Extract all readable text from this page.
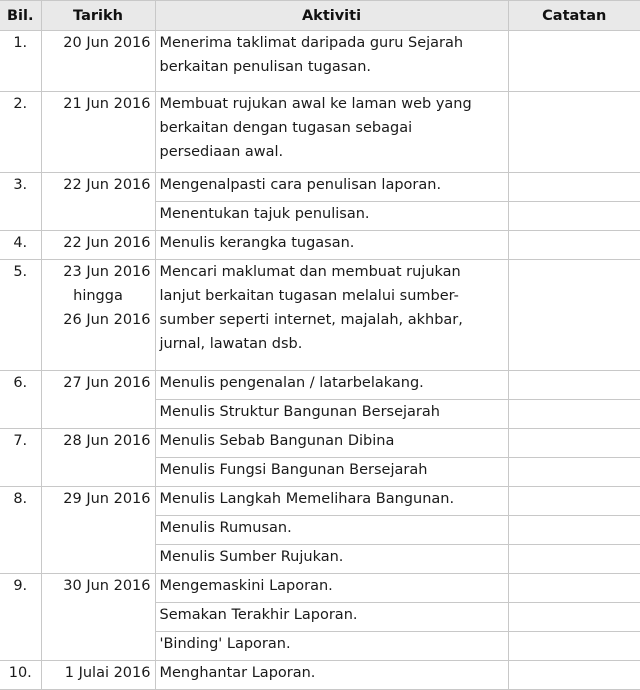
Bil.	Tarikh	Aktiviti	Catatan
1.	20 Jun 2016	Menerima taklimat daripada guru Sejarah
berkaitan penulisan tugasan.	

2.	21 Jun 2016	Membuat rujukan awal ke laman web yang
berkaitan dengan tugasan sebagai
persediaan awal.	

3.	22 Jun 2016	Mengenalpasti cara penulisan laporan.	

		Menentukan tajuk penulisan.	

4.	22 Jun 2016	Menulis kerangka tugasan.	

5.	23 Jun 2016
hingga
26 Jun 2016	Mencari maklumat dan membuat rujukan
lanjut berkaitan tugasan melalui sumber-
sumber seperti internet, majalah, akhbar,
jurnal, lawatan dsb.	

6.	27 Jun 2016	Menulis pengenalan / latarbelakang.	

		Menulis Struktur Bangunan Bersejarah	

7.	28 Jun 2016	Menulis Sebab Bangunan Dibina	

		Menulis Fungsi Bangunan Bersejarah	

8.	29 Jun 2016	Menulis Langkah Memelihara Bangunan.	

		Menulis Rumusan.	

		Menulis Sumber Rujukan.	

9.	30 Jun 2016	Mengemaskini Laporan.	

		Semakan Terakhir Laporan.	

		'Binding' Laporan.	

10.	1 Julai 2016	Menghantar Laporan.	
